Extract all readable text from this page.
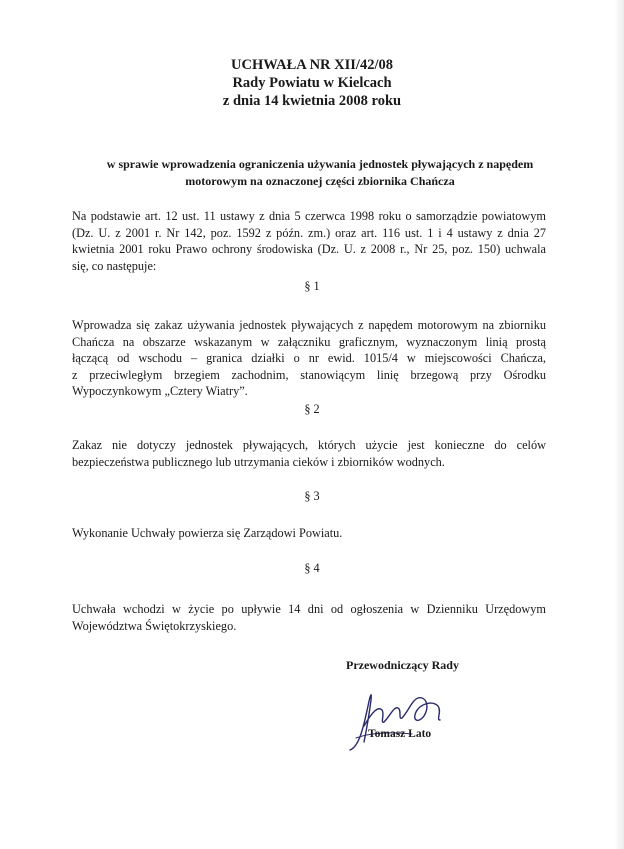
UCHWAŁA NR XII/42/08
Rady Powiatu w Kielcach
z dnia 14 kwietnia 2008 roku
w sprawie wprowadzenia ograniczenia używania jednostek pływających z napędem
motorowym na oznaczonej części zbiornika Chańcza
Na podstawie art. 12 ust. 11 ustawy z dnia 5 czerwca 1998 roku o samorządzie powiatowym
(Dz. U. z 2001 r. Nr 142, poz. 1592 z późn. zm.) oraz art. 116 ust. 1 i 4 ustawy z dnia 27
kwietnia 2001 roku Prawo ochrony środowiska (Dz. U. z 2008 r., Nr 25, poz. 150) uchwala
się, co następuje:
§ 1
Wprowadza się zakaz używania jednostek pływających z napędem motorowym na zbiorniku
Chańcza na obszarze wskazanym w załączniku graficznym, wyznaczonym linią prostą
łączącą od wschodu – granica działki o nr ewid. 1015/4 w miejscowości Chańcza,
z przeciwległym brzegiem zachodnim, stanowiącym linię brzegową przy Ośrodku
Wypoczynkowym „Cztery Wiatry”.
§ 2
Zakaz nie dotyczy jednostek pływających, których użycie jest konieczne do celów
bezpieczeństwa publicznego lub utrzymania cieków i zbiorników wodnych.
§ 3
Wykonanie Uchwały powierza się Zarządowi Powiatu.
§ 4
Uchwała wchodzi w życie po upływie 14 dni od ogłoszenia w Dzienniku Urzędowym
Województwa Świętokrzyskiego.
Przewodniczący Rady
Tomasz Lato
